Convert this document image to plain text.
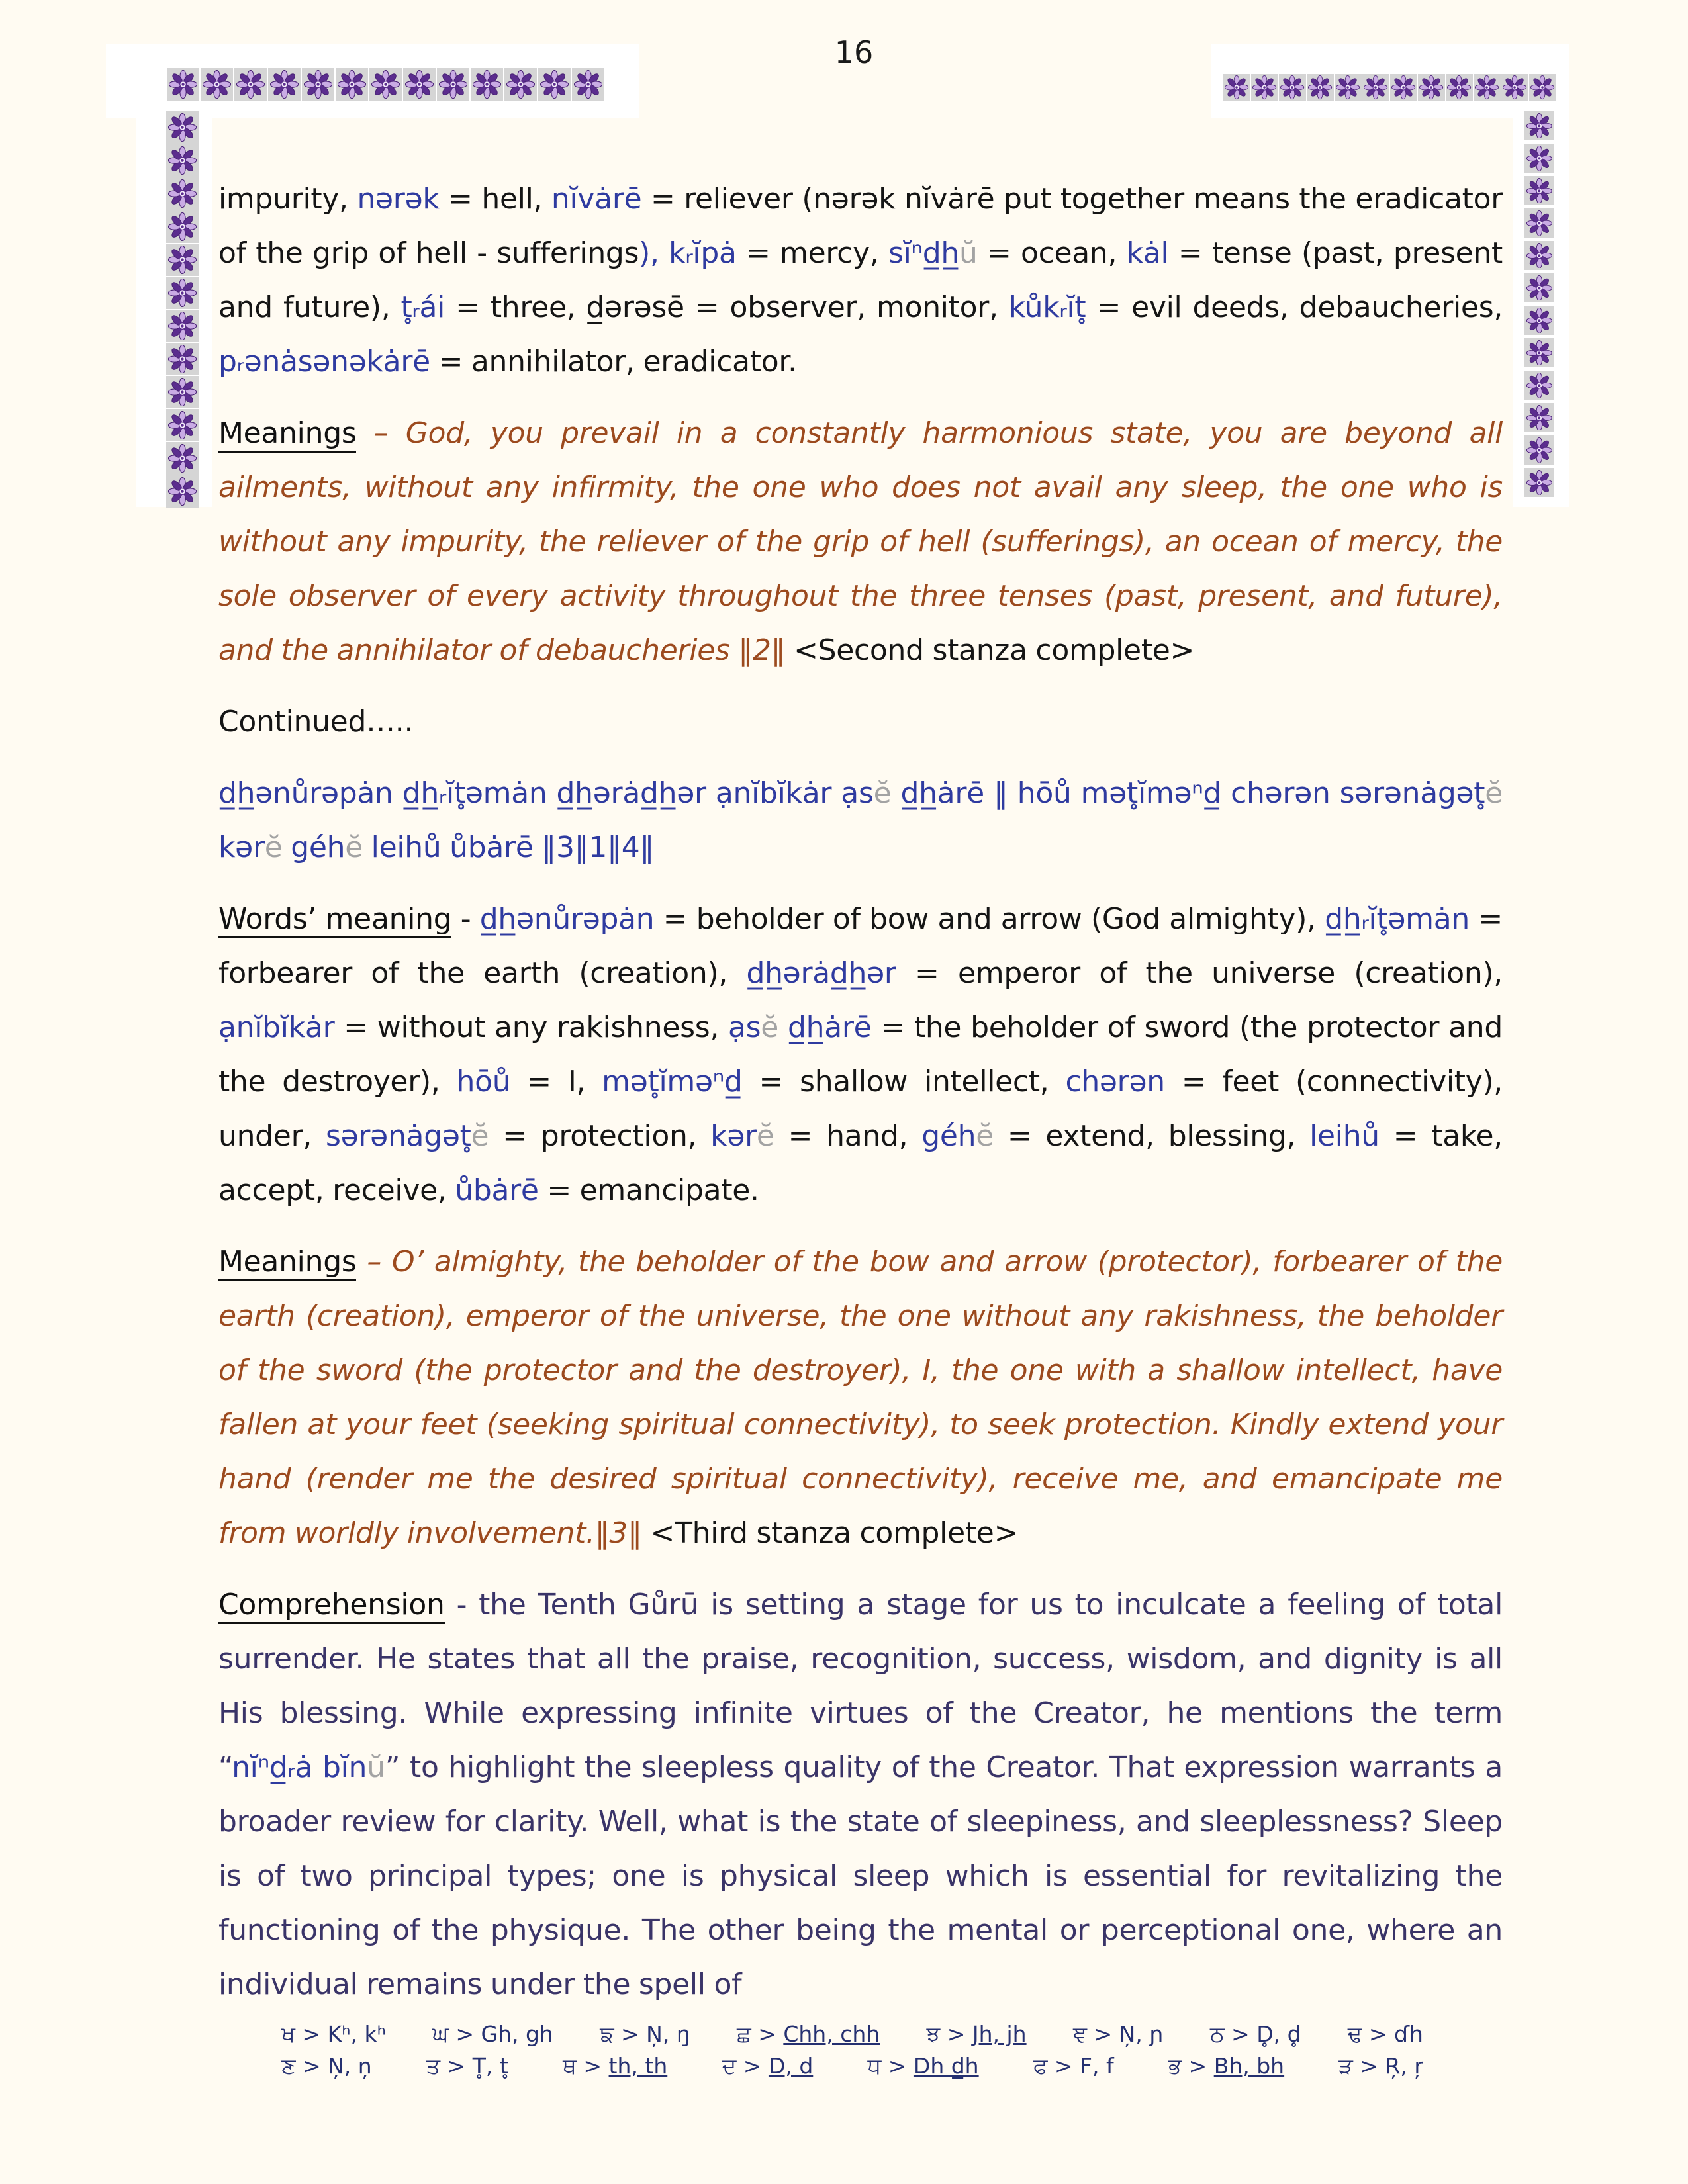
16
impurity, nərək = hell, nĭvȧrē = reliever (nərək nĭvȧrē put together means the eradicator of the grip of hell - sufferings), kᵣĭpȧ = mercy, sĭⁿd̲h̲ŭ = ocean, kȧl = tense (past, present and future), t̥ᵣái = three, d̲ərəsē = observer, monitor, kůkᵣĭt̥ = evil deeds, debaucheries, pᵣənȧsənəkȧrē = annihilator, eradicator.
Meanings – God, you prevail in a constantly harmonious state, you are beyond all ailments, without any infirmity, the one who does not avail any sleep, the one who is without any impurity, the reliever of the grip of hell (sufferings), an ocean of mercy, the sole observer of every activity throughout the three tenses (past, present, and future), and the annihilator of debaucheries ‖2‖ <Second stanza complete>
Continued…..
d̲h̲ənůrəpȧn d̲h̲ᵣĭt̥əmȧn d̲h̲ərȧd̲h̲ər ạnĭbĭkȧr ạsĕ d̲h̲ȧrē ‖ hōů mət̥ĭməⁿd̲ chərən sərənȧgət̥ĕ kərĕ géhĕ leihů ůbȧrē ‖3‖1‖4‖
Words’ meaning - d̲h̲ənůrəpȧn = beholder of bow and arrow (God almighty), d̲h̲ᵣĭt̥əmȧn = forbearer of the earth (creation), d̲h̲ərȧd̲h̲ər = emperor of the universe (creation), ạnĭbĭkȧr = without any rakishness, ạsĕ d̲h̲ȧrē = the beholder of sword (the protector and the destroyer), hōů = I, mət̥ĭməⁿd̲ = shallow intellect, chərən = feet (connectivity), under, sərənȧgət̥ĕ = protection, kərĕ = hand, géhĕ = extend, blessing, leihů = take, accept, receive, ůbȧrē = emancipate.
Meanings – O’ almighty, the beholder of the bow and arrow (protector), forbearer of the earth (creation), emperor of the universe, the one without any rakishness, the beholder of the sword (the protector and the destroyer), I, the one with a shallow intellect, have fallen at your feet (seeking spiritual connectivity), to seek protection. Kindly extend your hand (render me the desired spiritual connectivity), receive me, and emancipate me from worldly involvement.‖3‖ <Third stanza complete>
Comprehension - the Tenth Gůrū is setting a stage for us to inculcate a feeling of total surrender. He states that all the praise, recognition, success, wisdom, and dignity is all His blessing. While expressing infinite virtues of the Creator, he mentions the term “nĭⁿd̲ᵣȧ bĭnŭ” to highlight the sleepless quality of the Creator. That expression warrants a broader review for clarity. Well, what is the state of sleepiness, and sleeplessness? Sleep is of two principal types; one is physical sleep which is essential for revitalizing the functioning of the physique. The other being the mental or perceptional one, where an individual remains under the spell of
ਖ > Kʰ, kʰ ਘ > Gh, gh ਙ > Ņ, ŋ ਛ > Chh, chh ਝ > Jh, jh ਞ > Ņ, ɲ ਠ > D̥, d̥ ਢ > ɗh
ਣ > Ņ, ņ ਤ > T̥, t̥ ਥ > th, th ਦ > D, d ਧ > Dh d̲h ਫ > F, f ਭ > Bh, bh ੜ > Ŗ, ŗ
